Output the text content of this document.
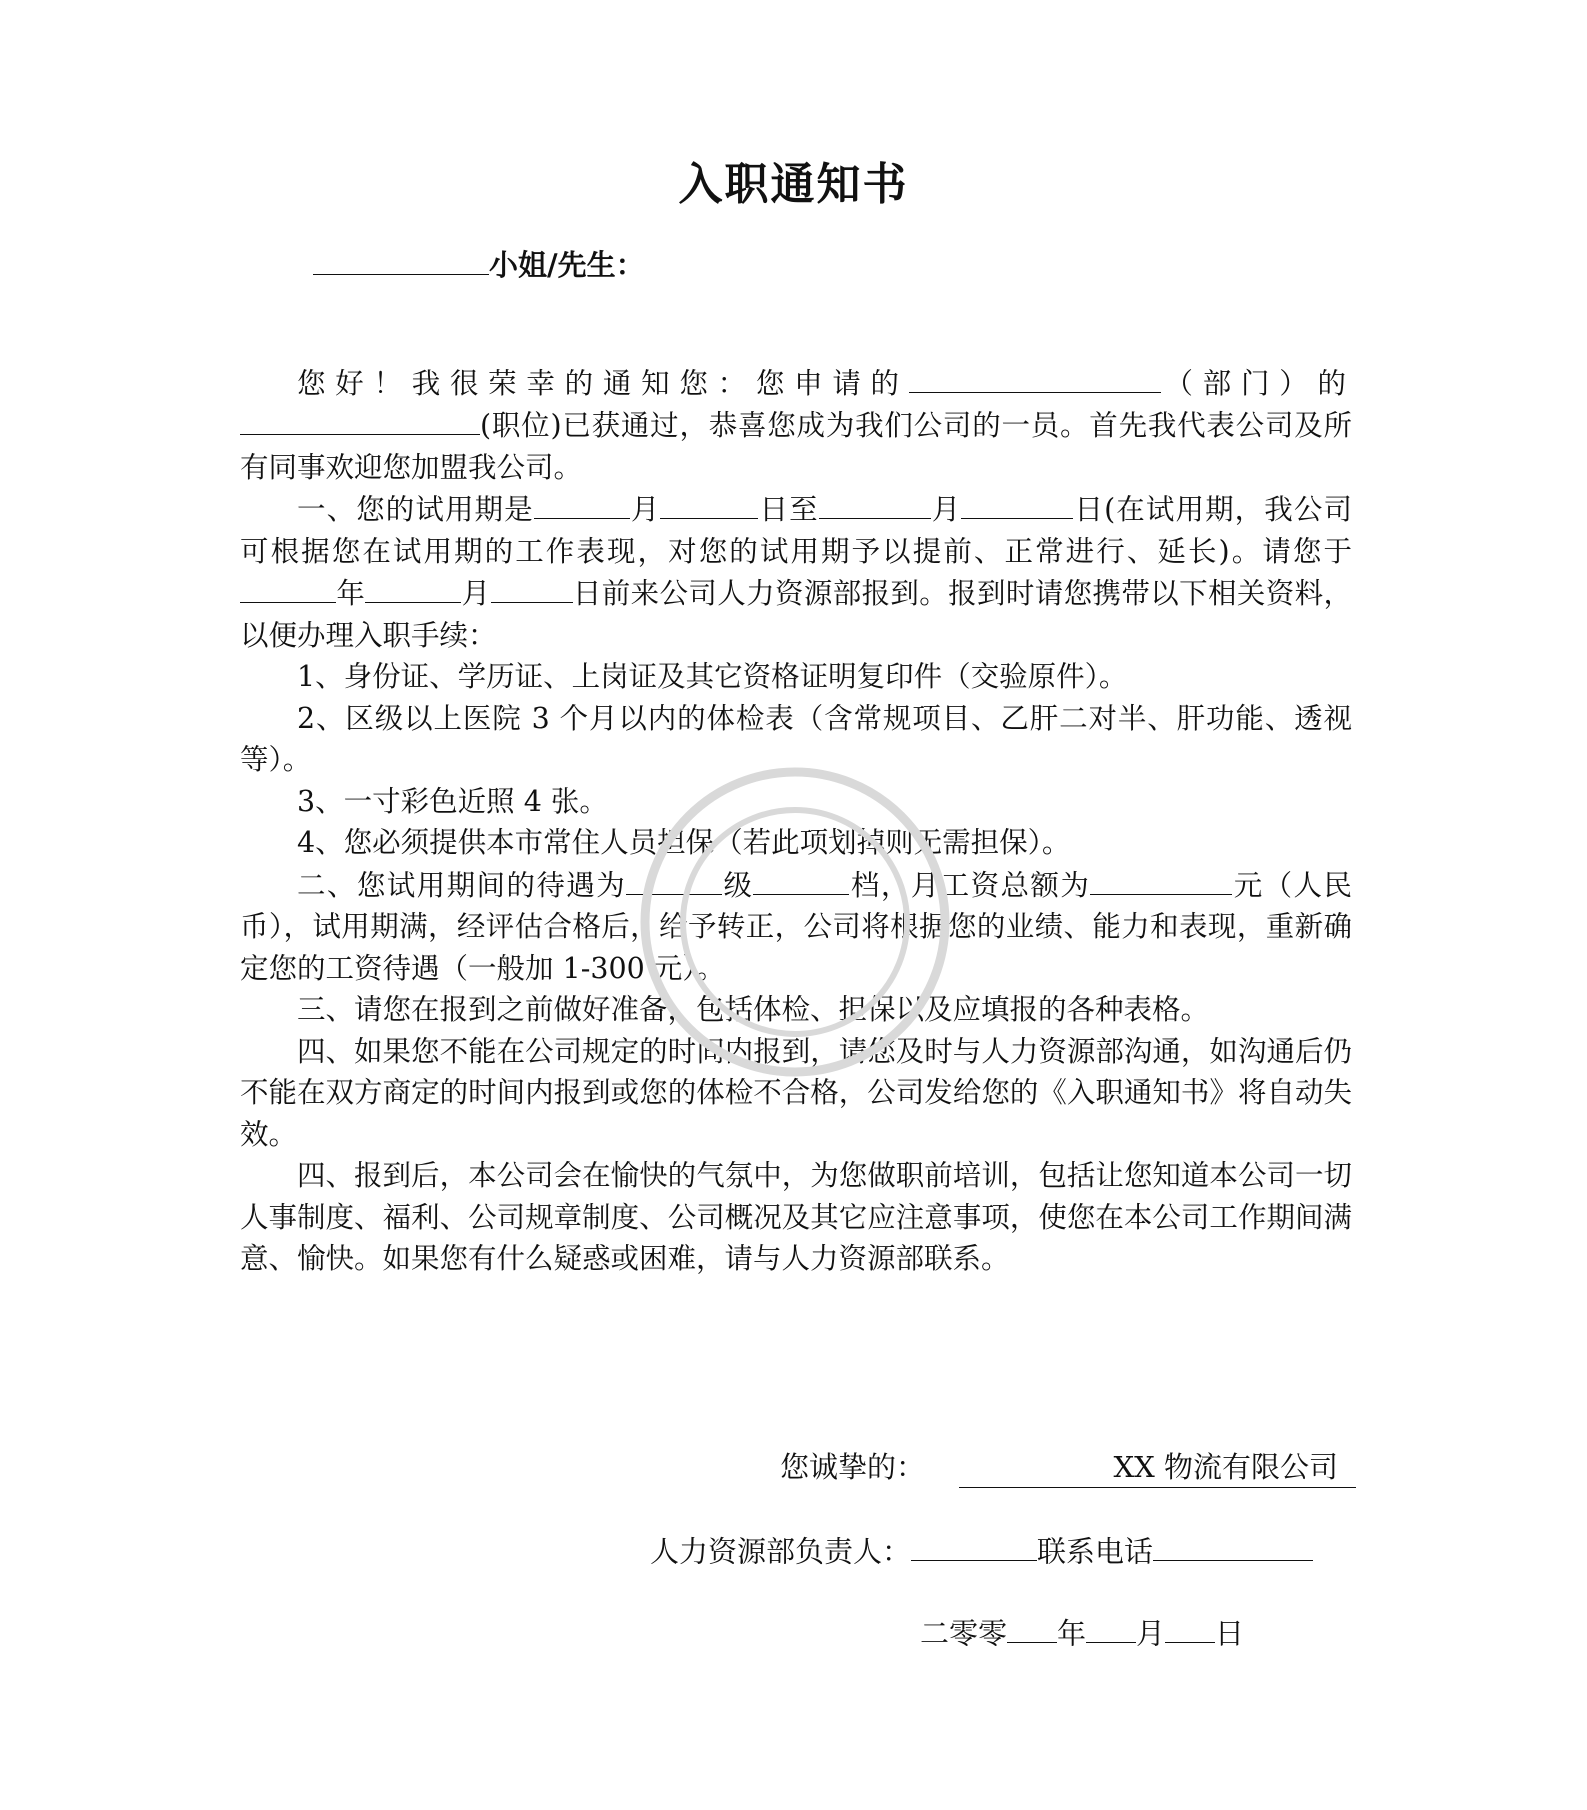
入职通知书
小姐/先生：

您好！我很荣幸的通知您：您申请的	（部门）的(职位)已获通过，恭喜您成为我们公司的一员。首先我代表公司及所有同事欢迎您加盟我公司。

一、您的试用期是	月	日至	月	日(在试用期，我公司可根据您在试用期的工作表现，对您的试用期予以提前、正常进行、延长)。请您于年	月	日前来公司人力资源部报到。报到时请您携带以下相关资料，以便办理入职手续：

1、身份证、学历证、上岗证及其它资格证明复印件（交验原件）。

2、区级以上医院 3 个月以内的体检表（含常规项目、乙肝二对半、肝功能、透视等）。

3、一寸彩色近照 4 张。

4、您必须提供本市常住人员担保（若此项划掉则无需担保）。

二、您试用期间的待遇为	级	档，月工资总额为	元（人民币），试用期满，经评估合格后，给予转正，公司将根据您的业绩、能力和表现，重新确定您的工资待遇（一般加 1-300 元）。

三、请您在报到之前做好准备，包括体检、担保以及应填报的各种表格。

四、如果您不能在公司规定的时间内报到，请您及时与人力资源部沟通，如沟通后仍不能在双方商定的时间内报到或您的体检不合格，公司发给您的《入职通知书》将自动失效。

四、报到后，本公司会在愉快的气氛中，为您做职前培训，包括让您知道本公司一切人事制度、福利、公司规章制度、公司概况及其它应注意事项，使您在本公司工作期间满意、愉快。如果您有什么疑惑或困难，请与人力资源部联系。

您诚挚的：	XX 物流有限公司
人力资源部负责人：	联系电话
二零零 年 月 日
